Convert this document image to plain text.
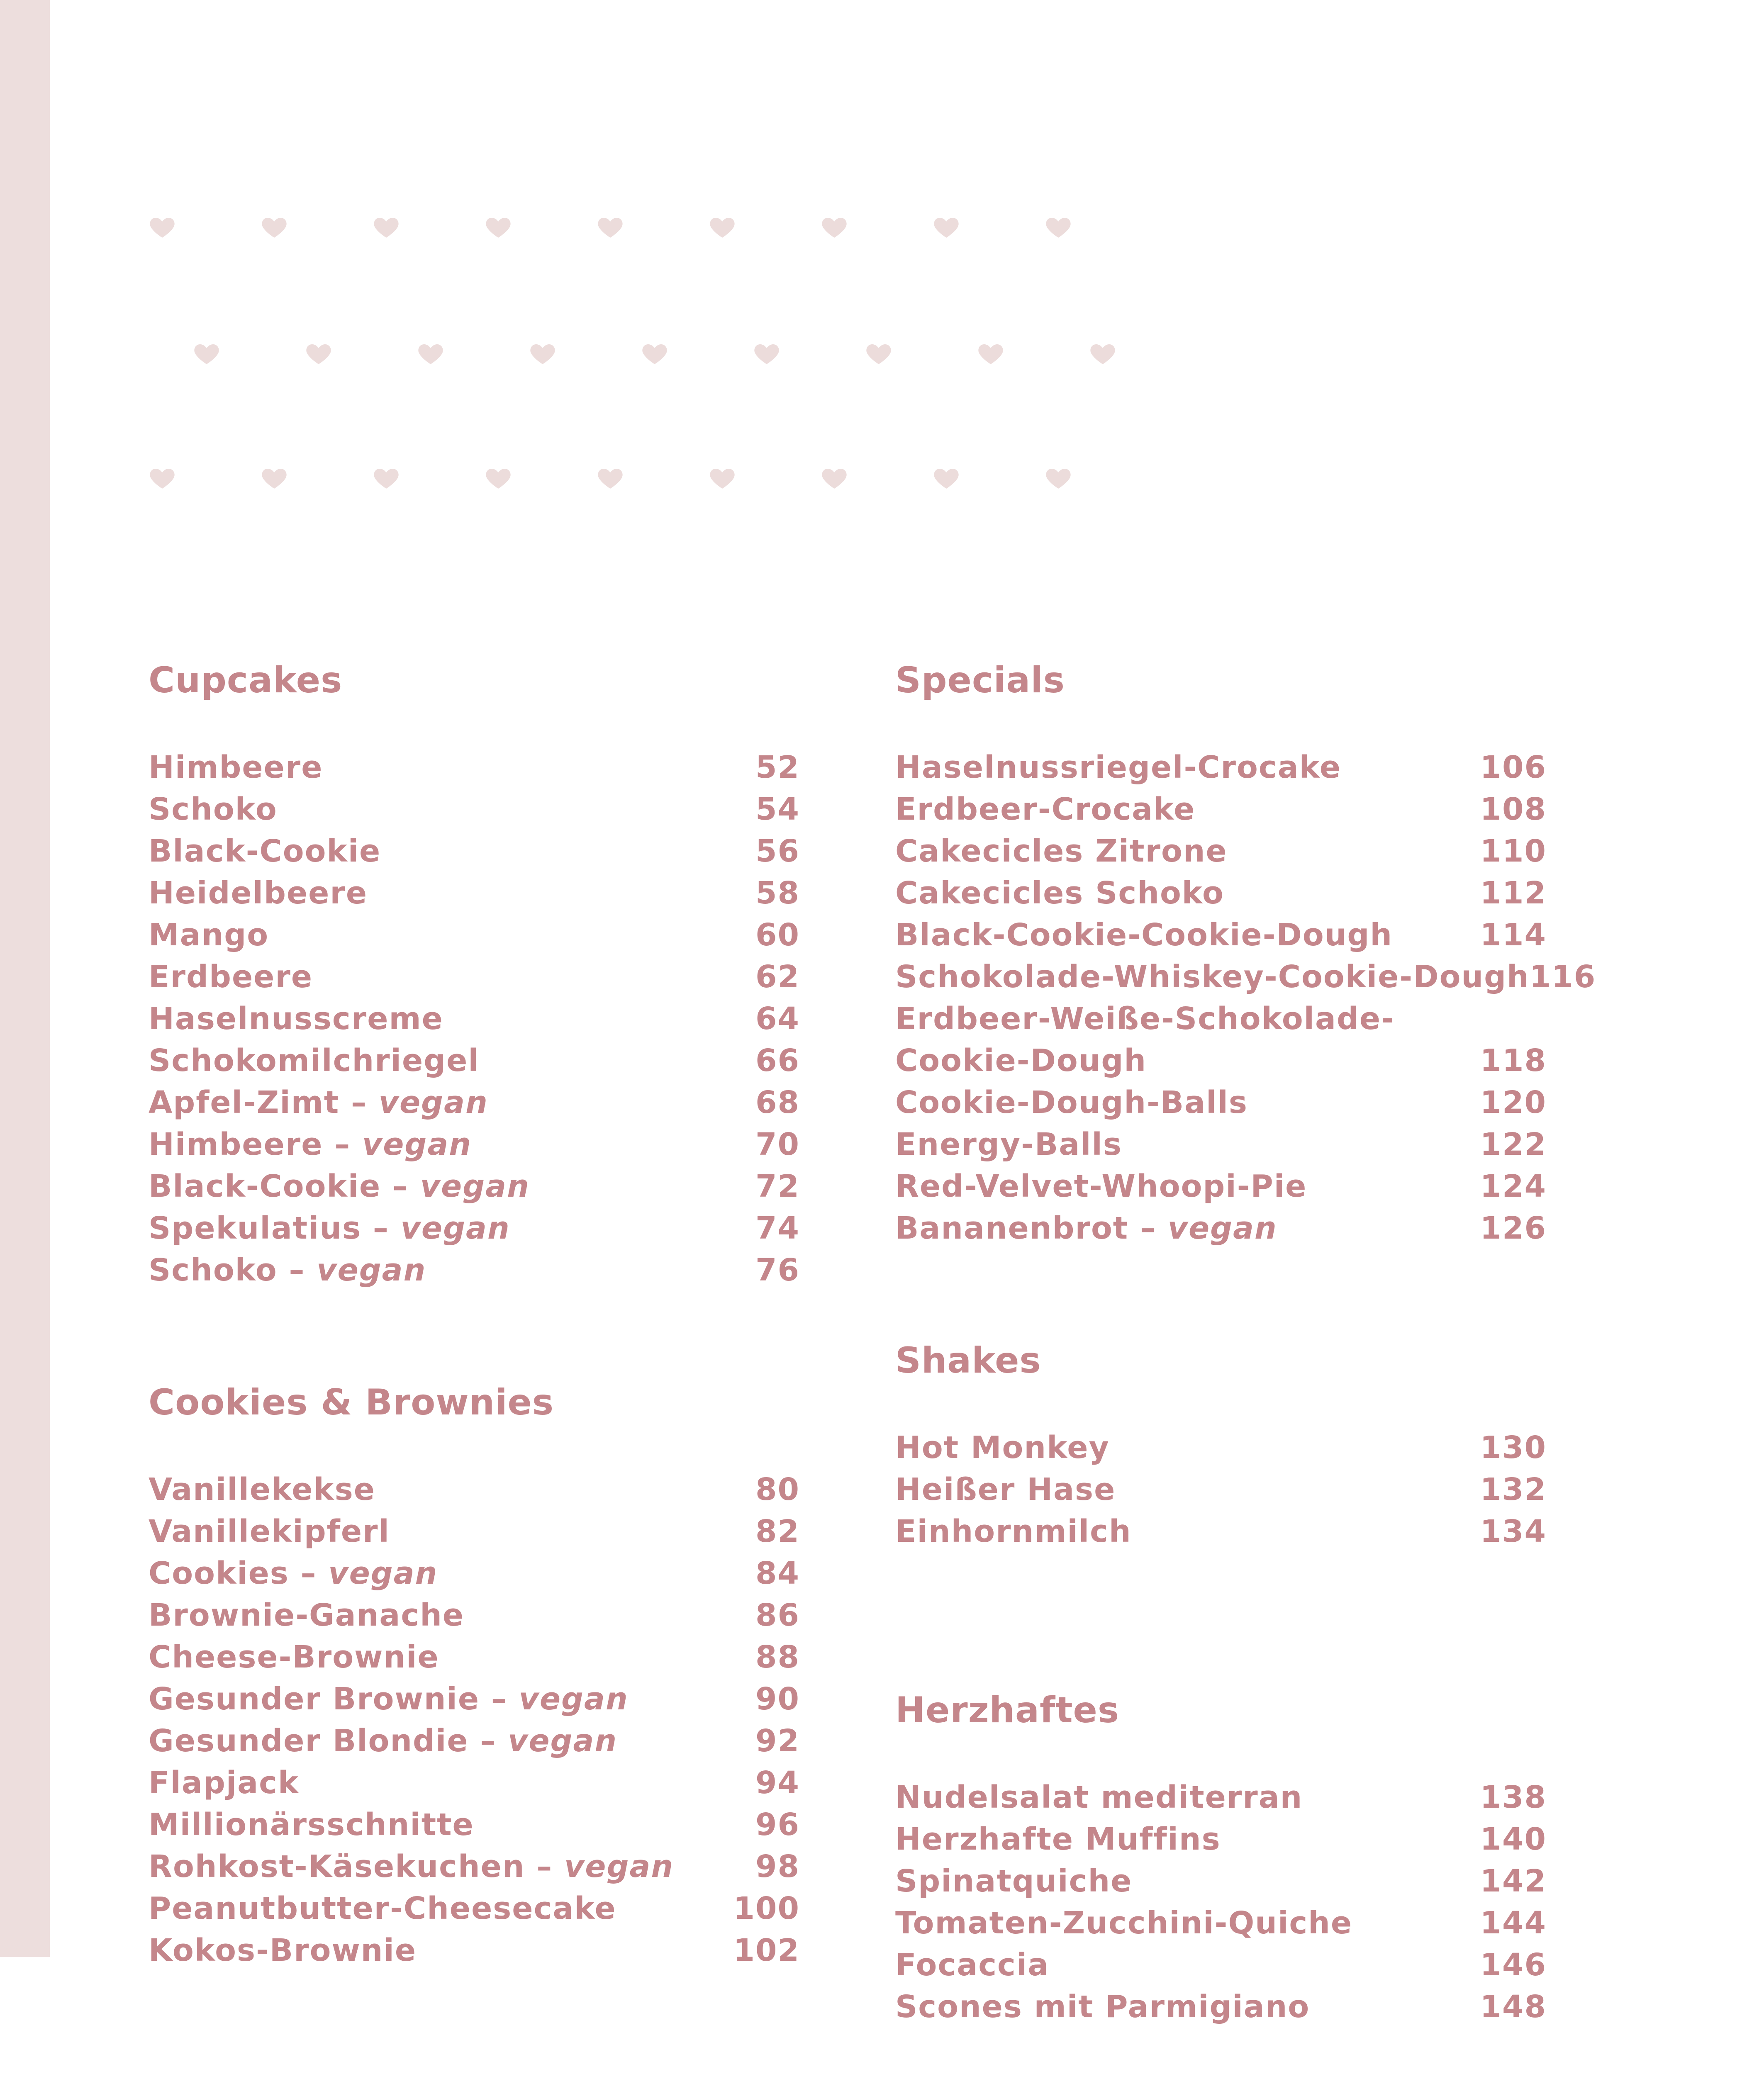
Cupcakes
Himbeere	52
Schoko	54
Black-Cookie	56
Heidelbeere	58
Mango	60
Erdbeere	62
Haselnusscreme	64
Schokomilchriegel	66
Apfel-Zimt – vegan	68
Himbeere – vegan	70
Black-Cookie – vegan	72
Spekulatius – vegan	74
Schoko – vegan	76
Cookies & Brownies
Vanillekekse	80
Vanillekipferl	82
Cookies – vegan	84
Brownie-Ganache	86
Cheese-Brownie	88
Gesunder Brownie – vegan	90
Gesunder Blondie – vegan	92
Flapjack	94
Millionärsschnitte	96
Rohkost-Käsekuchen – vegan	98
Peanutbutter-Cheesecake	100
Kokos-Brownie	102
Specials
Haselnussriegel-Crocake	106
Erdbeer-Crocake	108
Cakecicles Zitrone	110
Cakecicles Schoko	112
Black-Cookie-Cookie-Dough	114
Schokolade-Whiskey-Cookie-Dough 116
Erdbeer-Weiße-Schokolade-
Cookie-Dough	118
Cookie-Dough-Balls	120
Energy-Balls	122
Red-Velvet-Whoopi-Pie	124
Bananenbrot – vegan	126
Shakes
Hot Monkey	130
Heißer Hase	132
Einhornmilch	134
Herzhaftes
Nudelsalat mediterran	138
Herzhafte Muffins	140
Spinatquiche	142
Tomaten-Zucchini-Quiche	144
Focaccia	146
Scones mit Parmigiano	148
